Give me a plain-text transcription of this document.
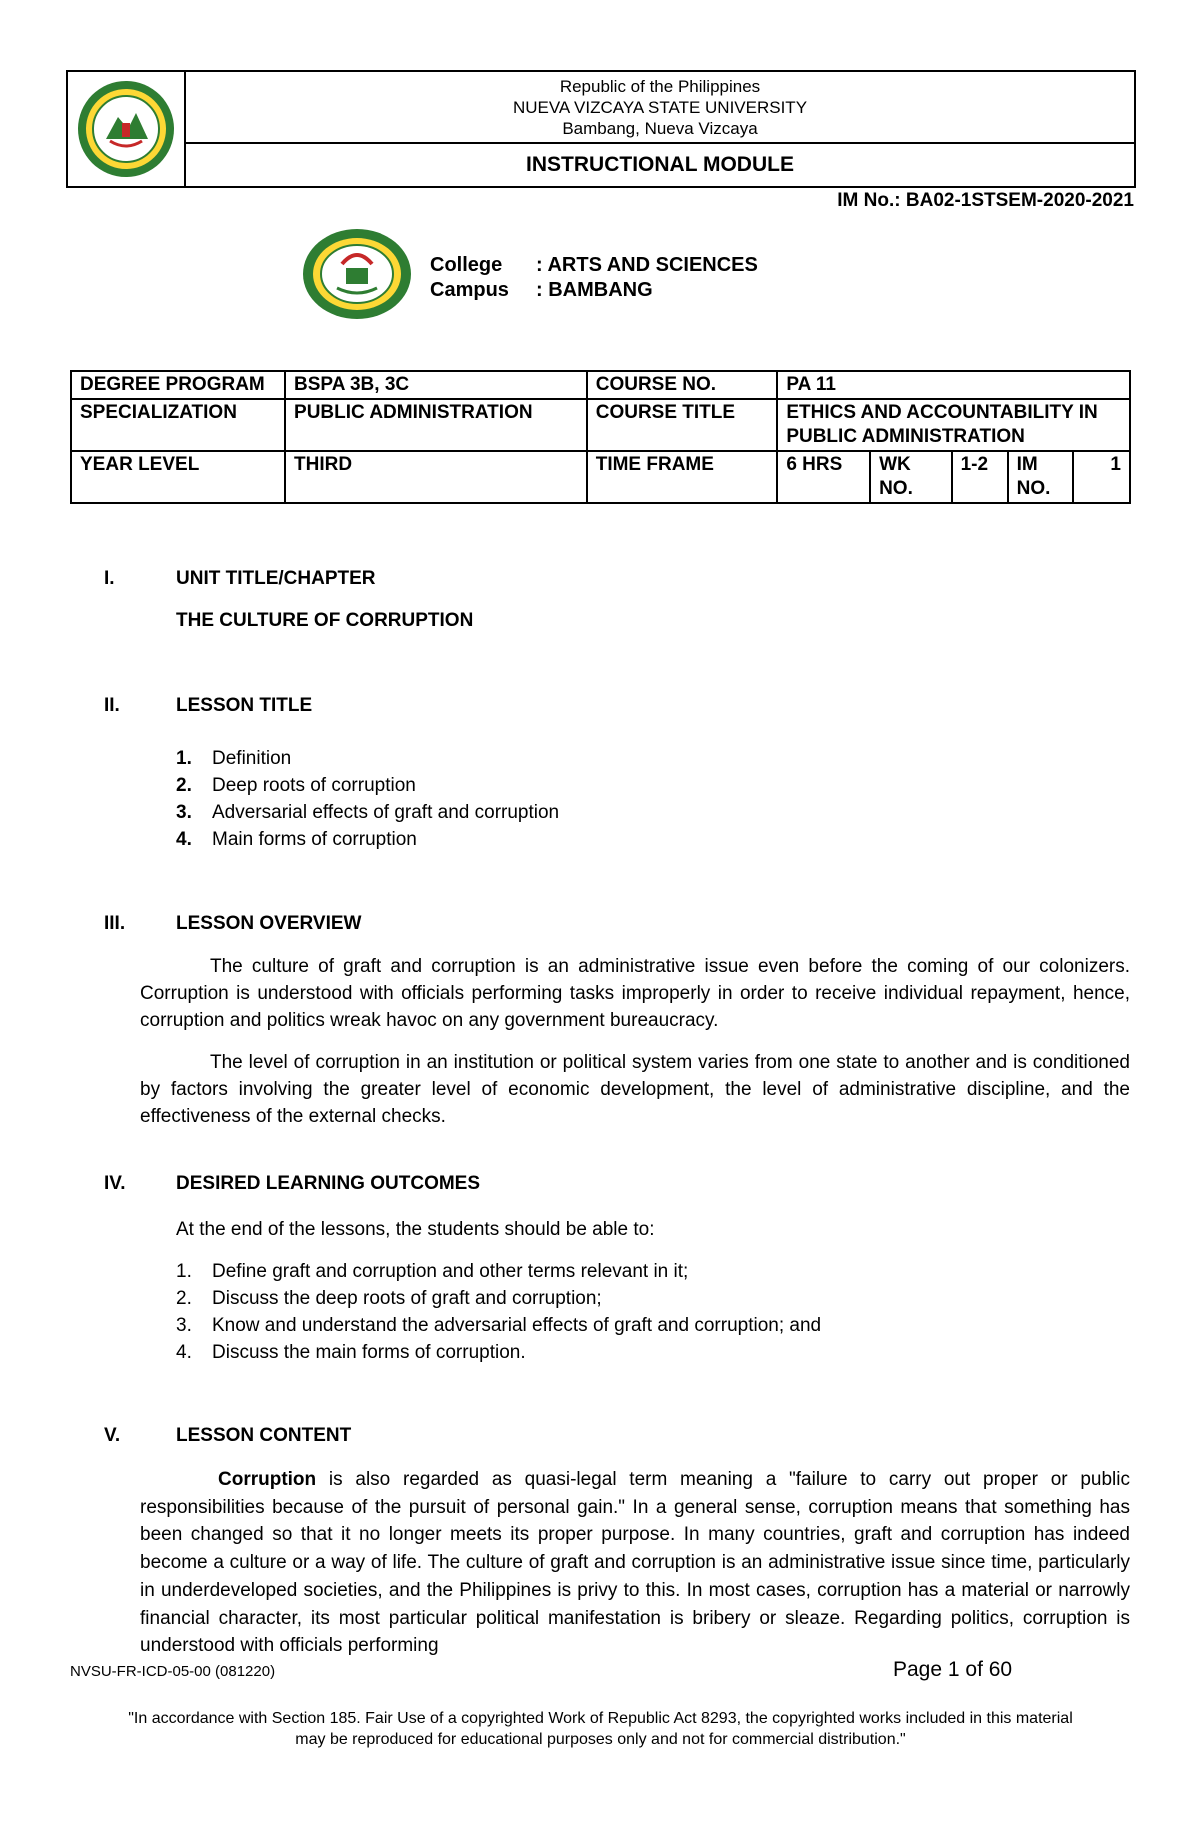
Republic of the Philippines
NUEVA VIZCAYA STATE UNIVERSITY
Bambang, Nueva Vizcaya
INSTRUCTIONAL MODULE
IM No.: BA02-1STSEM-2020-2021
College : ARTS AND SCIENCES
Campus : BAMBANG
DEGREE PROGRAM	BSPA 3B, 3C	COURSE NO.	PA 11				
SPECIALIZATION	PUBLIC ADMINISTRATION	COURSE TITLE	ETHICS AND ACCOUNTABILITY IN PUBLIC ADMINISTRATION				
YEAR LEVEL	THIRD	TIME FRAME	6 HRS	WK NO.	1-2	IM NO.	1
I.	UNIT TITLE/CHAPTER
THE CULTURE OF CORRUPTION
II.	LESSON TITLE
1. Definition
2. Deep roots of corruption
3. Adversarial effects of graft and corruption
4. Main forms of corruption
III.	LESSON OVERVIEW
The culture of graft and corruption is an administrative issue even before the coming of our colonizers. Corruption is understood with officials performing tasks improperly in order to receive individual repayment, hence, corruption and politics wreak havoc on any government bureaucracy.
The level of corruption in an institution or political system varies from one state to another and is conditioned by factors involving the greater level of economic development, the level of administrative discipline, and the effectiveness of the external checks.
IV.	DESIRED LEARNING OUTCOMES
At the end of the lessons, the students should be able to:
1. Define graft and corruption and other terms relevant in it;
2. Discuss the deep roots of graft and corruption;
3. Know and understand the adversarial effects of graft and corruption; and
4. Discuss the main forms of corruption.
V.	LESSON CONTENT
Corruption is also regarded as quasi-legal term meaning a "failure to carry out proper or public responsibilities because of the pursuit of personal gain." In a general sense, corruption means that something has been changed so that it no longer meets its proper purpose. In many countries, graft and corruption has indeed become a culture or a way of life. The culture of graft and corruption is an administrative issue since time, particularly in underdeveloped societies, and the Philippines is privy to this. In most cases, corruption has a material or narrowly financial character, its most particular political manifestation is bribery or sleaze. Regarding politics, corruption is understood with officials performing
NVSU-FR-ICD-05-00 (081220)	Page 1 of 60
"In accordance with Section 185. Fair Use of a copyrighted Work of Republic Act 8293, the copyrighted works included in this material
may be reproduced for educational purposes only and not for commercial distribution."
